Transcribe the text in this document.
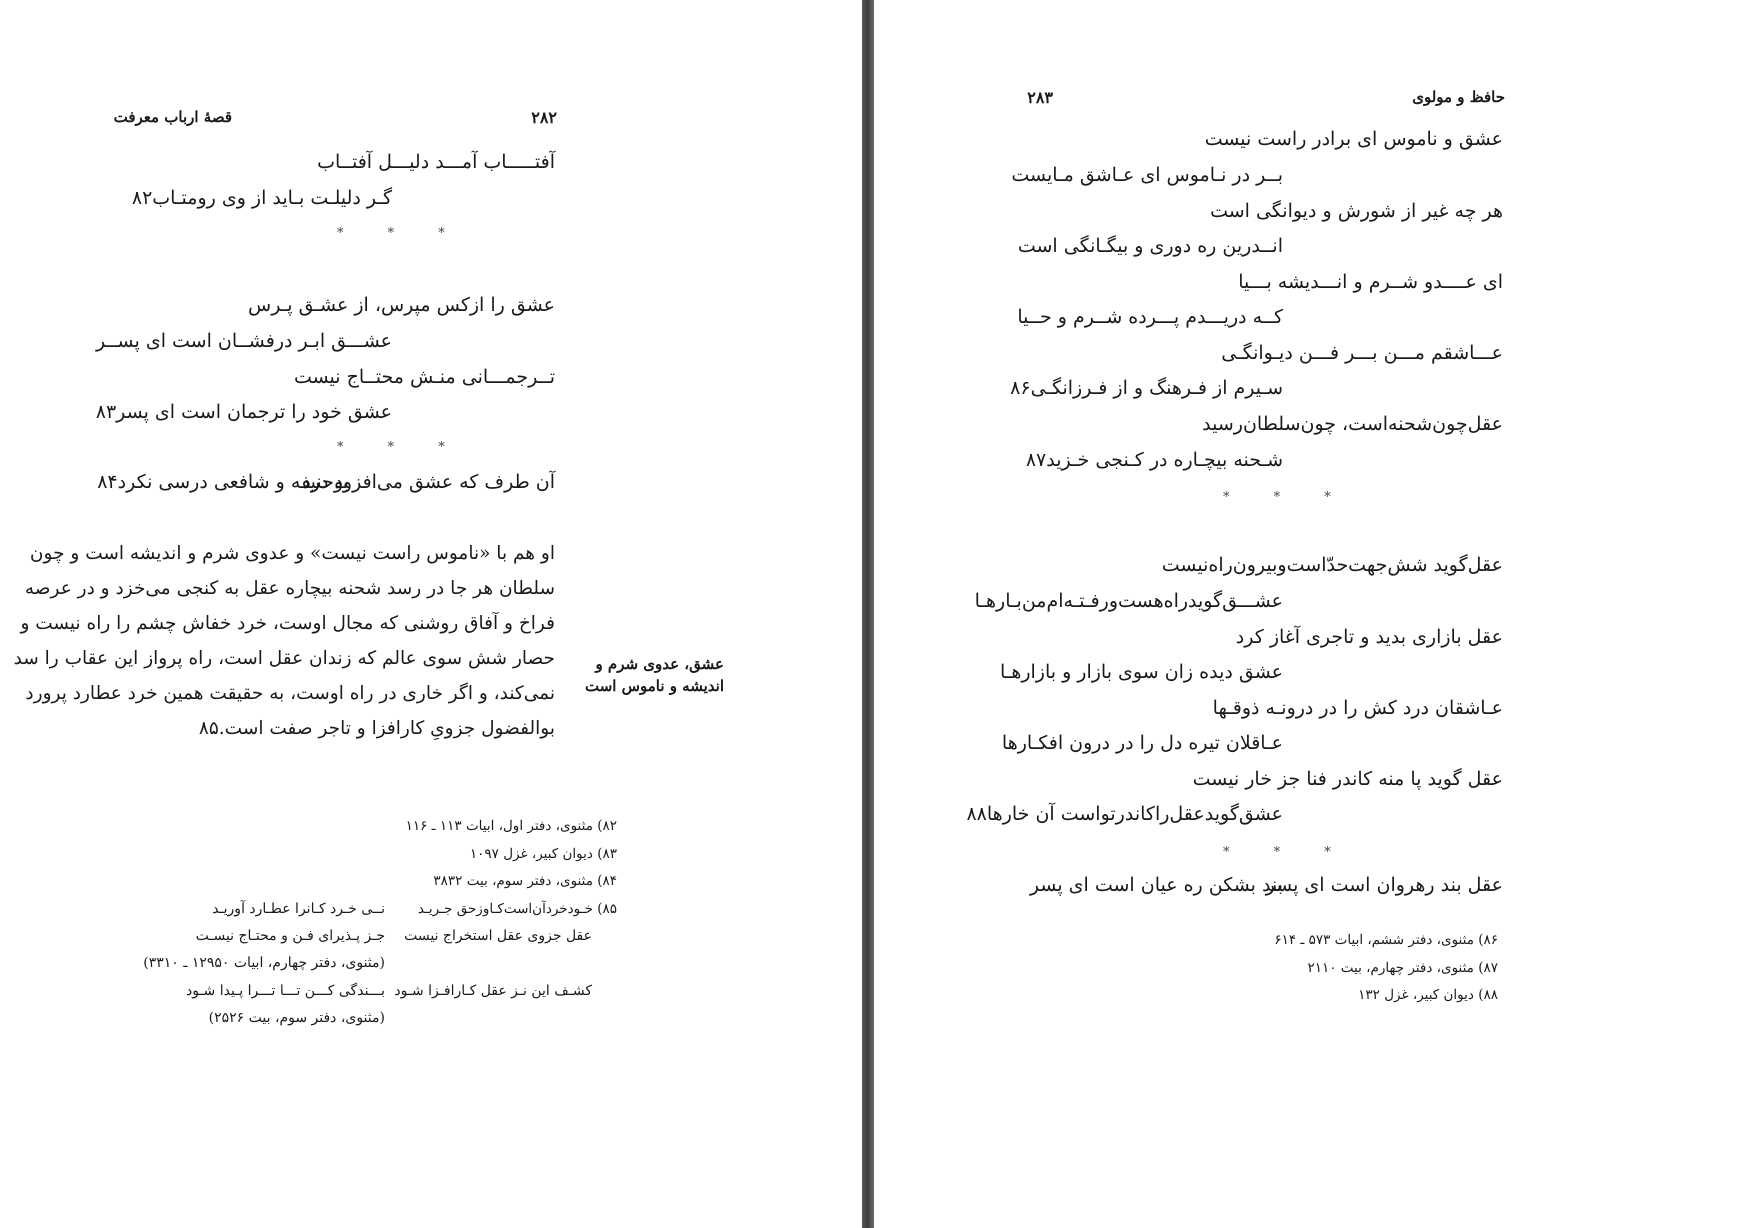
قصهٔ ارباب معرفت	۲۸۲
آفتـــــاب آمـــد دلیـــل آفتــاب
گـر دلیلـت بـاید از وی رومتـاب۸۲
* * *
عشق را ازکس مپرس، از عشـق پـرس
عشـــق ابـر درفشــان است ای پســر
تــرجمـــانی منـش محتــاج نیست
عشق خود را ترجمان است ای پسر۸۳
* * *
آن طرف که عشق می‌افزود درد
بوحنیفه و شافعی درسی نکرد۸۴
او هم با «ناموس راست نیست» و عدوی شرم و اندیشه است و چون
سلطان هر جا در رسد شحنه بیچاره عقل به کنجی می‌خزد و در عرصه
فراخ و آفاق روشنی که مجال اوست، خرد خفاش چشم را راه نیست و
حصار شش سوی عالم که زندان عقل است، راه پرواز این عقاب را سد
نمی‌کند، و اگر خاری در راه اوست، به حقیقت همین خرد عطارد پرورد
بوالفضول جزویِ کارافزا و تاجر صفت است.۸۵
عشق، عدوی شرم و اندیشه و ناموس است
۸۲) مثنوی، دفتر اول، ابیات ۱۱۳ ـ ۱۱۶
۸۳) دیوان کبیر، غزل ۱۰۹۷
۸۴) مثنوی، دفتر سوم، بیت ۳۸۳۲
۸۵) خـودخردآن‌است‌کـاوزحق جـریـد
نــی خـرد کـانرا عطـارد آوریـد
عقل جزوی عقل استخراج نیست
جـز پـذیرای فـن و محتـاج نیسـت
(مثنوی، دفتر چهارم، ابیات ۱۲۹۵۰ ـ ۳۳۱۰)
کشـف این نـز عقل کـارافـزا شـود
بـــندگی کـــن تـــا تـــرا پـیدا شـود
(مثنوی، دفتر سوم، بیت ۲۵۲۶)
حافظ و مولوی
۲۸۳
عشق و ناموس ای برادر راست نیست
بــر در نـاموس ای عـاشق مـایست
هر چه غیر از شورش و دیوانگی است
انــدرین ره دوری و بیگـانگی است
ای عــــدو شــرم و انـــدیشه بـــیا
کــه دریـــدم پـــرده شــرم و حــیا
عـــاشقم مـــن بـــر فـــن دیـوانگـی
سـیرم از فـرهنگ و از فـرزانگـی۸۶
عقل‌چون‌شحنه‌است، چون‌سلطان‌رسید
شـحنه بیچـاره در کـنجی خـزید۸۷
* * *
عقل‌گوید شش‌جهت‌حدّاست‌وبیرون‌راه‌نیست
عشـــق‌گویدراه‌هست‌ورفـتـه‌ام‌من‌بـارهـا
عقل بازاری بدید و تاجری آغاز کرد
عشق دیده زان سوی بازار و بازارهـا
عـاشقان درد کش را در درونـه ذوقـها
عـاقلان تیره دل را در درون افکـارها
عقل گوید پا منه کاندر فنا جز خار نیست
عشق‌گویدعقل‌راکاندرتواست آن خارها۸۸
* * *
عقل بند رهروان است ای پسر
بند بشکن ره عیان است ای پسر
۸۶) مثنوی، دفتر ششم، ابیات ۵۷۳ ـ ۶۱۴
۸۷) مثنوی، دفتر چهارم، بیت ۲۱۱۰
۸۸) دیوان کبیر، غزل ۱۳۲
